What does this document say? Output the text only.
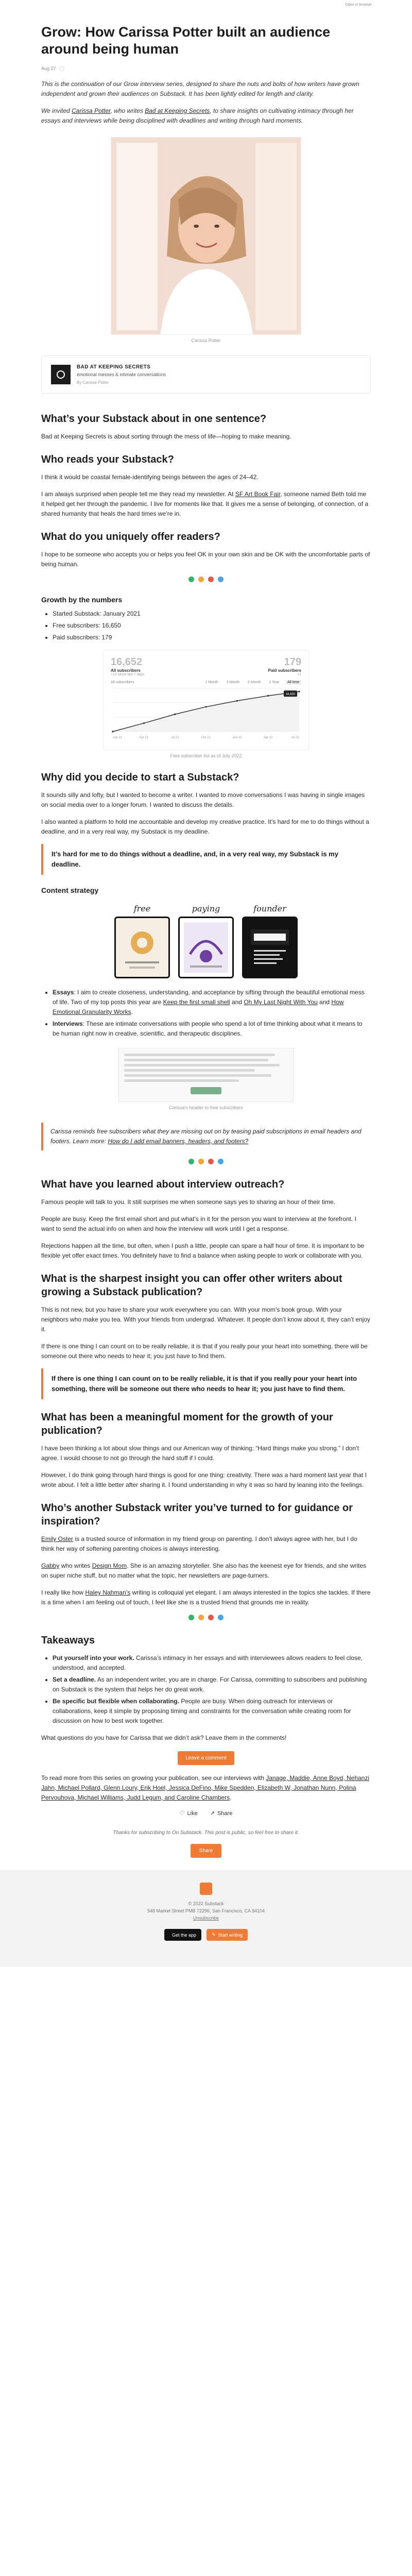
Open in browser
Grow: How Carissa Potter built an audience around being human
Aug 27

This is the continuation of our Grow interview series, designed to share the nuts and bolts of how writers have grown independent and grown their audiences on Substack. It has been lightly edited for length and clarity.

We invited Carissa Potter, who writes Bad at Keeping Secrets, to share insights on cultivating intimacy through her essays and interviews while being disciplined with deadlines and writing through hard moments.

Carissa Potter
BAD AT KEEPING SECRETS
emotional messes & intimate conversations
By Carissa Potter
What’s your Substack about in one sentence?

Bad at Keeping Secrets is about sorting through the mess of life—hoping to make meaning.

Who reads your Substack?

I think it would be coastal female-identifying beings between the ages of 24–42.

I am always surprised when people tell me they read my newsletter. At SF Art Book Fair, someone named Beth told me it helped get her through the pandemic. I live for moments like that. It gives me a sense of belonging, of connection, of a shared humanity that heals the hard times we’re in.

What do you uniquely offer readers?

I hope to be someone who accepts you or helps you feel OK in your own skin and be OK with the uncomfortable parts of being human.

Growth by the numbers
• Started Substack: January 2021
• Free subscribers: 16,650
• Paid subscribers: 179
16,652
All subscribers
+12 since last 7 days
179
Paid subscribers
+1
All subscribers	1 Month 3 Month 6 Month 1 Year All time
Jan 21	Apr 21	Jul 21	Oct 21	Jan 22	Apr 22	Jul 22
16,650
Free subscriber list as of July 2022
Why did you decide to start a Substack?

It sounds silly and lofty, but I wanted to become a writer. I wanted to move conversations I was having in single images on social media over to a longer forum. I wanted to discuss the details.

I also wanted a platform to hold me accountable and develop my creative practice. It’s hard for me to do things without a deadline, and in a very real way, my Substack is my deadline.

It’s hard for me to do things without a deadline, and, in a very real way, my Substack is my deadline.

Content strategy
free	paying	founder
• Essays: I aim to create closeness, understanding, and acceptance by sifting through the beautiful emotional mess of life. Two of my top posts this year are Keep the first small shell and Oh My Last Night With You and How Emotional Granularity Works.
• Interviews: These are intimate conversations with people who spend a lot of time thinking about what it means to be human right now in creative, scientific, and therapeutic disciplines.
Carissa’s header to free subscribers

Carissa reminds free subscribers what they are missing out on by teasing paid subscriptions in email headers and footers. Learn more: How do I add email banners, headers, and footers?

What have you learned about interview outreach?

Famous people will talk to you. It still surprises me when someone says yes to sharing an hour of their time.

People are busy. Keep the first email short and put what’s in it for the person you want to interview at the forefront. I want to send the actual info on when and how the interview will work until I get a response.

Rejections happen all the time, but often, when I push a little, people can spare a half hour of time. It is important to be flexible yet offer exact times. You definitely have to find a balance when asking people to work or collaborate with you.

What is the sharpest insight you can offer other writers about growing a Substack publication?

This is not new, but you have to share your work everywhere you can. With your mom’s book group. With your neighbors who make you tea. With your friends from undergrad. Whatever. It people don’t know about it, they can’t enjoy it.

If there is one thing I can count on to be really reliable, it is that if you really pour your heart into something, there will be someone out there who needs to hear it; you just have to find them.

If there is one thing I can count on to be really reliable, it is that if you really pour your heart into something, there will be someone out there who needs to hear it; you just have to find them.

What has been a meaningful moment for the growth of your publication?

I have been thinking a lot about slow things and our American way of thinking: “Hard things make you strong.” I don’t agree. I would choose to not go through the hard stuff if I could.

However, I do think going through hard things is good for one thing: creativity. There was a hard moment last year that I wrote about. I felt a little better after sharing it. I found understanding in why it was so hard by leaning into the feelings.

Who’s another Substack writer you’ve turned to for guidance or inspiration?

Emily Oster is a trusted source of information in my friend group on parenting. I don’t always agree with her, but I do think her way of softening parenting choices is always interesting.

Gabby who writes Design Mom. She is an amazing storyteller. She also has the keenest eye for friends, and she writes on super niche stuff, but no matter what the topic, her newsletters are page-turners.

I really like how Haley Nahman’s writing is colloquial yet elegant. I am always interested in the topics she tackles. If there is a time when I am feeling out of touch, I feel like she is a trusted friend that grounds me in reality.

Takeaways
• Put yourself into your work. Carissa’s intimacy in her essays and with interviewees allows readers to feel close, understood, and accepted.
• Set a deadline. As an independent writer, you are in charge. For Carissa, committing to subscribers and publishing on Substack is the system that helps her do great work.
• Be specific but flexible when collaborating. People are busy. When doing outreach for interviews or collaborations, keep it simple by proposing timing and constraints for the conversation while creating room for discussion on how to best work together.

What questions do you have for Carissa that we didn’t ask? Leave them in the comments!

Leave a comment

To read more from this series on growing your publication, see our interviews with Janage, Maddie, Anne Boyd, Nehanzi Jahn, Michael Pollard, Glenn Loury, Erik Hoel, Jessica DeFino, Mike Spedden, Elizabeth W, Jonathan Nunn, Polina Pervouhova, Michael Williams, Judd Legum, and Caroline Chambers.

♡ Like ↗ Share
Thanks for subscribing to On Substack. This post is public, so feel free to share it.
Share
© 2022 Substack
548 Market Street PMB 72296, San Francisco, CA 94104
Unsubscribe
Get the app	✎ Start writing
